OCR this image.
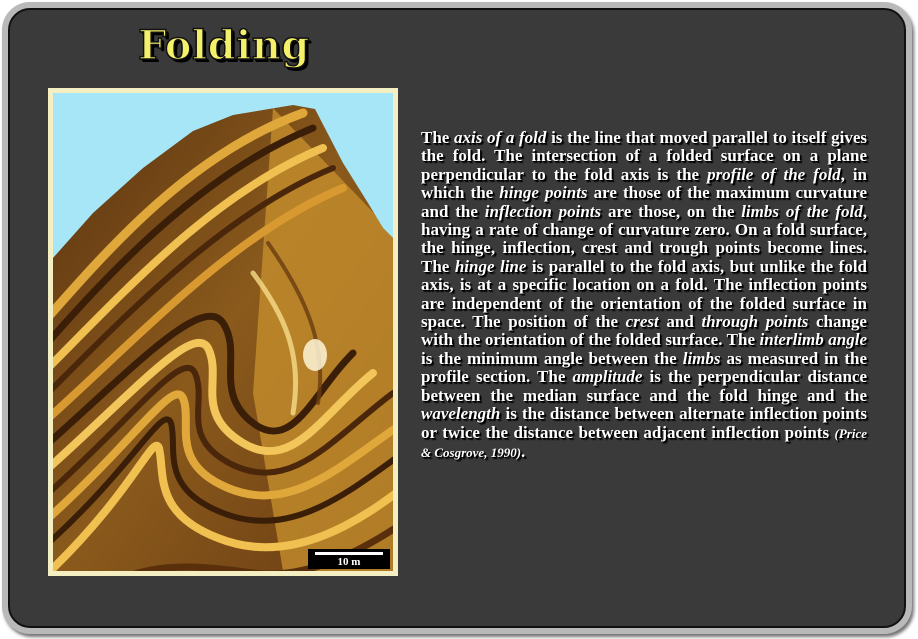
Folding
10 m

The axis of a fold is the line that moved parallel to itself gives the fold. The intersection of a folded surface on a plane perpendicular to the fold axis is the profile of the fold, in which the hinge points are those of the maximum curvature and the inflection points are those, on the limbs of the fold, having a rate of change of curvature zero. On a fold surface, the hinge, inflection, crest and trough points become lines. The hinge line is parallel to the fold axis, but unlike the fold axis, is at a specific location on a fold. The inflection points are independent of the orientation of the folded surface in space. The position of the crest and through points change with the orientation of the folded surface. The interlimb angle is the minimum angle between the limbs as measured in the profile section. The amplitude is the perpendicular distance between the median surface and the fold hinge and the wavelength is the distance between alternate inflection points or twice the distance between adjacent inflection points (Price & Cosgrove, 1990).
